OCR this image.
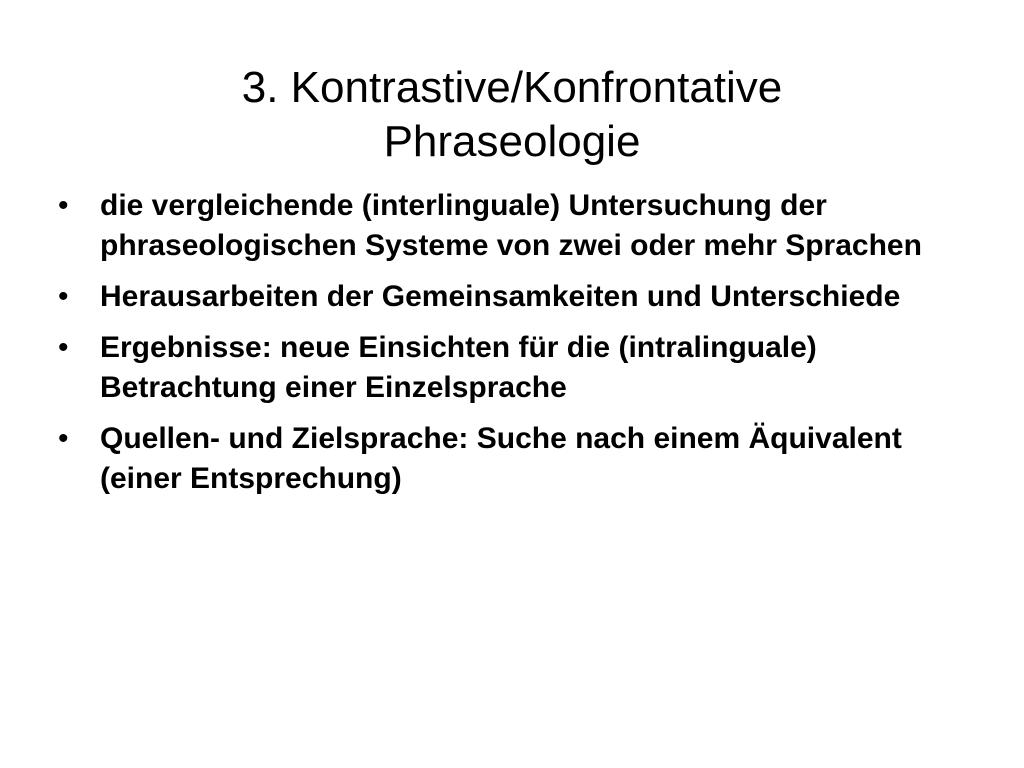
3. Kontrastive/Konfrontative
Phraseologie
• die vergleichende (interlinguale) Untersuchung der phraseologischen Systeme von zwei oder mehr Sprachen
• Herausarbeiten der Gemeinsamkeiten und Unterschiede
• Ergebnisse: neue Einsichten für die (intralinguale) Betrachtung einer Einzelsprache
• Quellen- und Zielsprache: Suche nach einem Äquivalent (einer Entsprechung)
